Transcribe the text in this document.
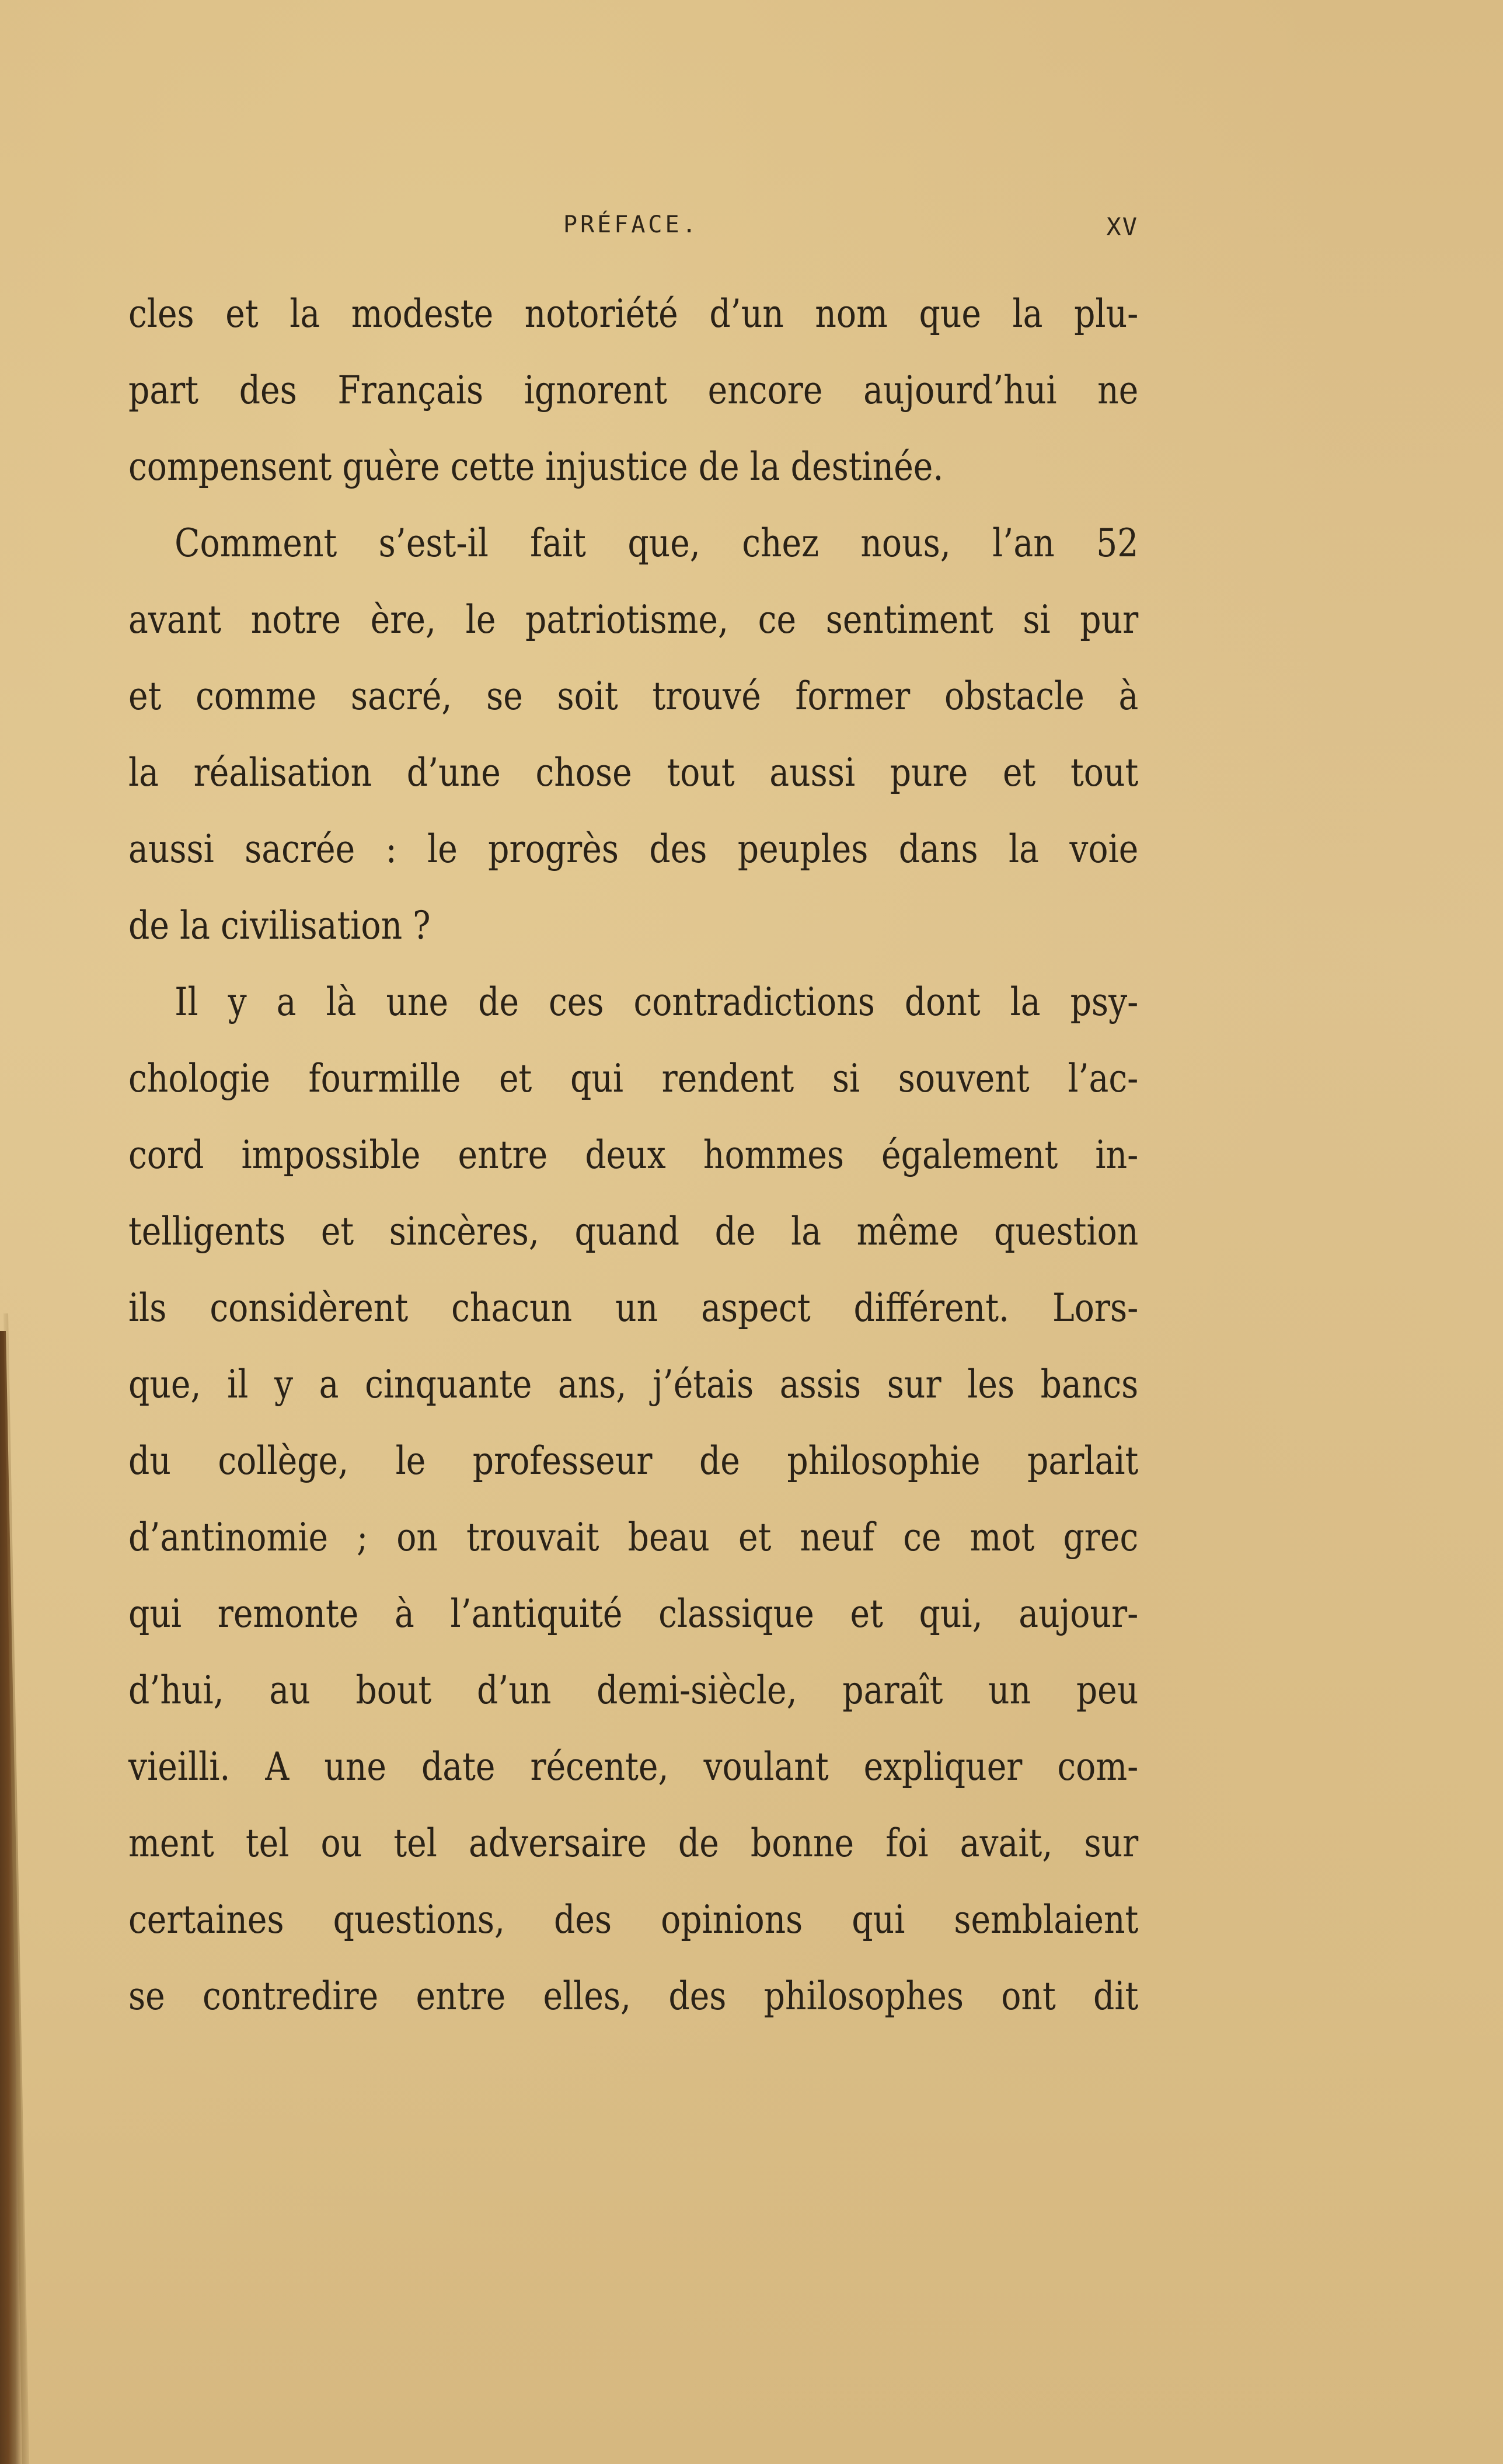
PRÉFACE.	XV
cles et la modeste notoriété d’un nom que la plu-
part des Français ignorent encore aujourd’hui ne
compensent guère cette injustice de la destinée.
Comment s’est-il fait que, chez nous, l’an 52
avant notre ère, le patriotisme, ce sentiment si pur
et comme sacré, se soit trouvé former obstacle à
la réalisation d’une chose tout aussi pure et tout
aussi sacrée : le progrès des peuples dans la voie
de la civilisation ?
Il y a là une de ces contradictions dont la psy-
chologie fourmille et qui rendent si souvent l’ac-
cord impossible entre deux hommes également in-
telligents et sincères, quand de la même question
ils considèrent chacun un aspect différent. Lors-
que, il y a cinquante ans, j’étais assis sur les bancs
du collège, le professeur de philosophie parlait
d’antinomie ; on trouvait beau et neuf ce mot grec
qui remonte à l’antiquité classique et qui, aujour-
d’hui, au bout d’un demi-siècle, paraît un peu
vieilli. A une date récente, voulant expliquer com-
ment tel ou tel adversaire de bonne foi avait, sur
certaines questions, des opinions qui semblaient
se contredire entre elles, des philosophes ont dit
